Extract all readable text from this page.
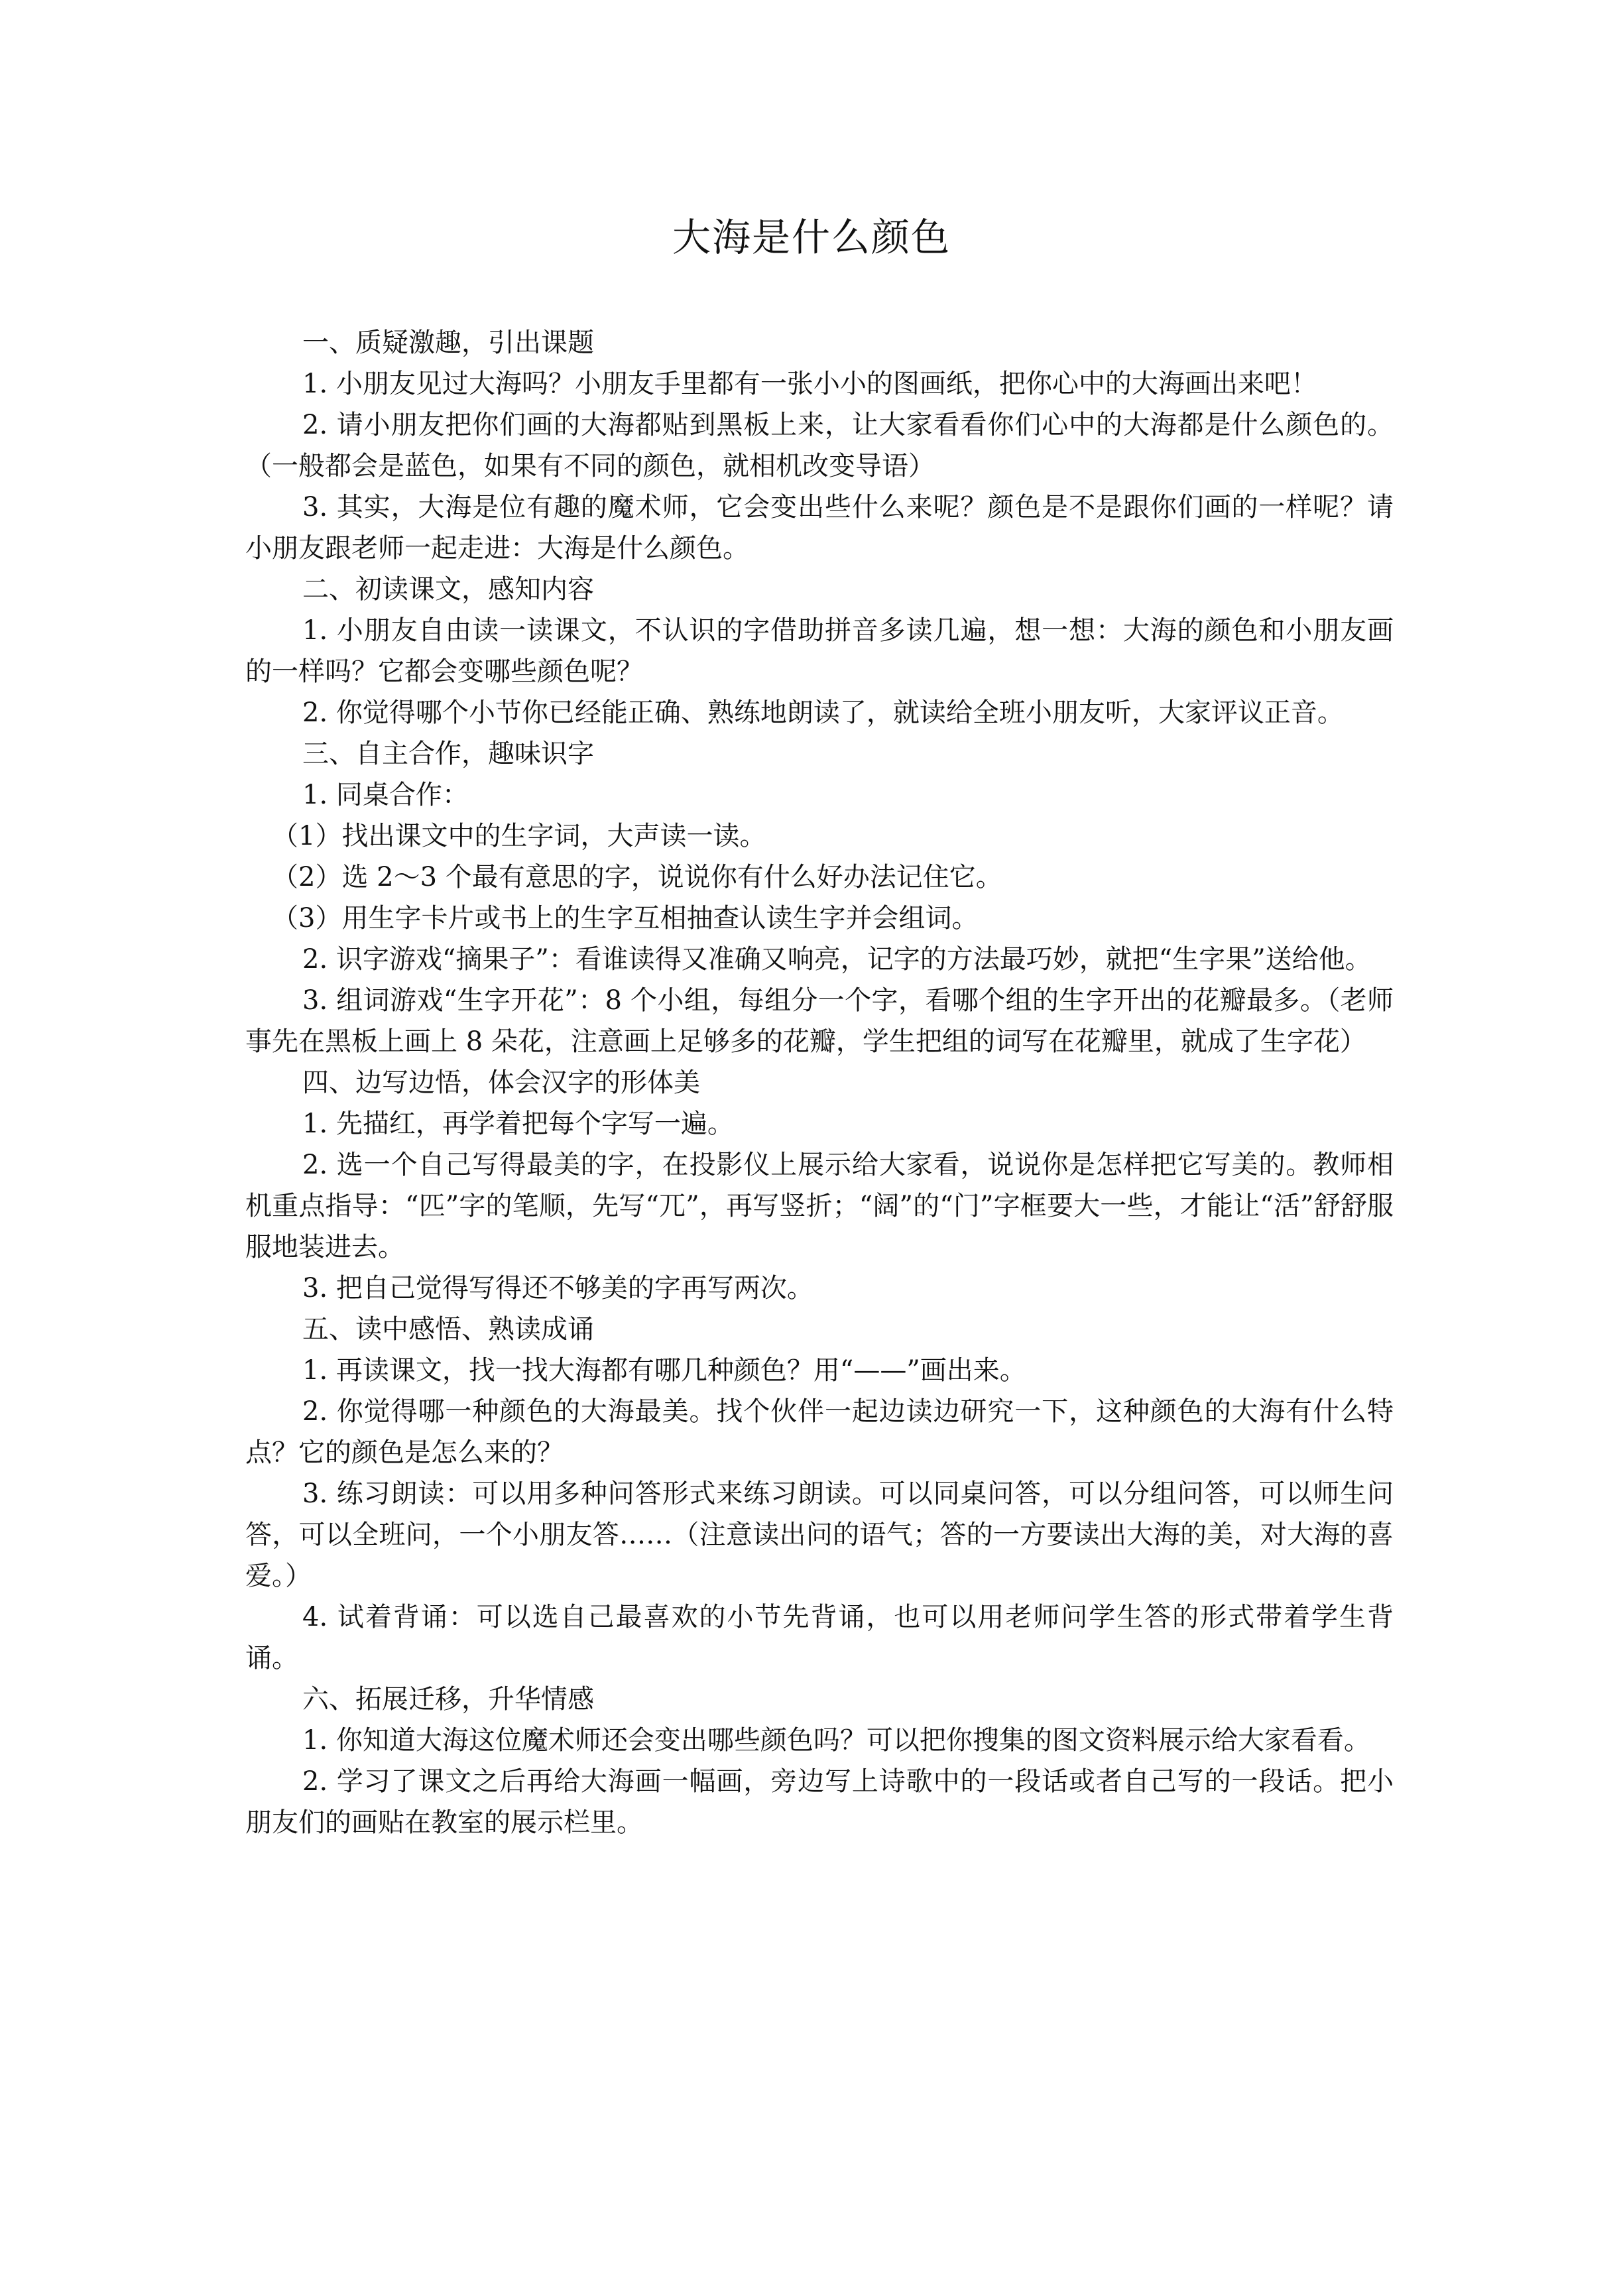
大海是什么颜色

一、质疑激趣，引出课题

1. 小朋友见过大海吗？小朋友手里都有一张小小的图画纸，把你心中的大海画出来吧！

2. 请小朋友把你们画的大海都贴到黑板上来，让大家看看你们心中的大海都是什么颜色的。（一般都会是蓝色，如果有不同的颜色，就相机改变导语）

3. 其实，大海是位有趣的魔术师，它会变出些什么来呢？颜色是不是跟你们画的一样呢？请小朋友跟老师一起走进：大海是什么颜色。

二、初读课文，感知内容

1. 小朋友自由读一读课文，不认识的字借助拼音多读几遍，想一想：大海的颜色和小朋友画的一样吗？它都会变哪些颜色呢？

2. 你觉得哪个小节你已经能正确、熟练地朗读了，就读给全班小朋友听，大家评议正音。

三、自主合作，趣味识字

1. 同桌合作：

（1）找出课文中的生字词，大声读一读。

（2）选 2～3 个最有意思的字，说说你有什么好办法记住它。

（3）用生字卡片或书上的生字互相抽查认读生字并会组词。

2. 识字游戏“摘果子”：看谁读得又准确又响亮，记字的方法最巧妙，就把“生字果”送给他。

3. 组词游戏“生字开花”：8 个小组，每组分一个字，看哪个组的生字开出的花瓣最多。（老师事先在黑板上画上 8 朵花，注意画上足够多的花瓣，学生把组的词写在花瓣里，就成了生字花）

四、边写边悟，体会汉字的形体美

1. 先描红，再学着把每个字写一遍。

2. 选一个自己写得最美的字，在投影仪上展示给大家看，说说你是怎样把它写美的。教师相机重点指导：“匹”字的笔顺，先写“兀”，再写竖折；“阔”的“门”字框要大一些，才能让“活”舒舒服服地装进去。

3. 把自己觉得写得还不够美的字再写两次。

五、读中感悟、熟读成诵

1. 再读课文，找一找大海都有哪几种颜色？用“——”画出来。

2. 你觉得哪一种颜色的大海最美。找个伙伴一起边读边研究一下，这种颜色的大海有什么特点？它的颜色是怎么来的？

3. 练习朗读：可以用多种问答形式来练习朗读。可以同桌问答，可以分组问答，可以师生问答，可以全班问，一个小朋友答……（注意读出问的语气；答的一方要读出大海的美，对大海的喜爱。）

4. 试着背诵：可以选自己最喜欢的小节先背诵，也可以用老师问学生答的形式带着学生背诵。

六、拓展迁移，升华情感

1. 你知道大海这位魔术师还会变出哪些颜色吗？可以把你搜集的图文资料展示给大家看看。

2. 学习了课文之后再给大海画一幅画，旁边写上诗歌中的一段话或者自己写的一段话。把小朋友们的画贴在教室的展示栏里。
